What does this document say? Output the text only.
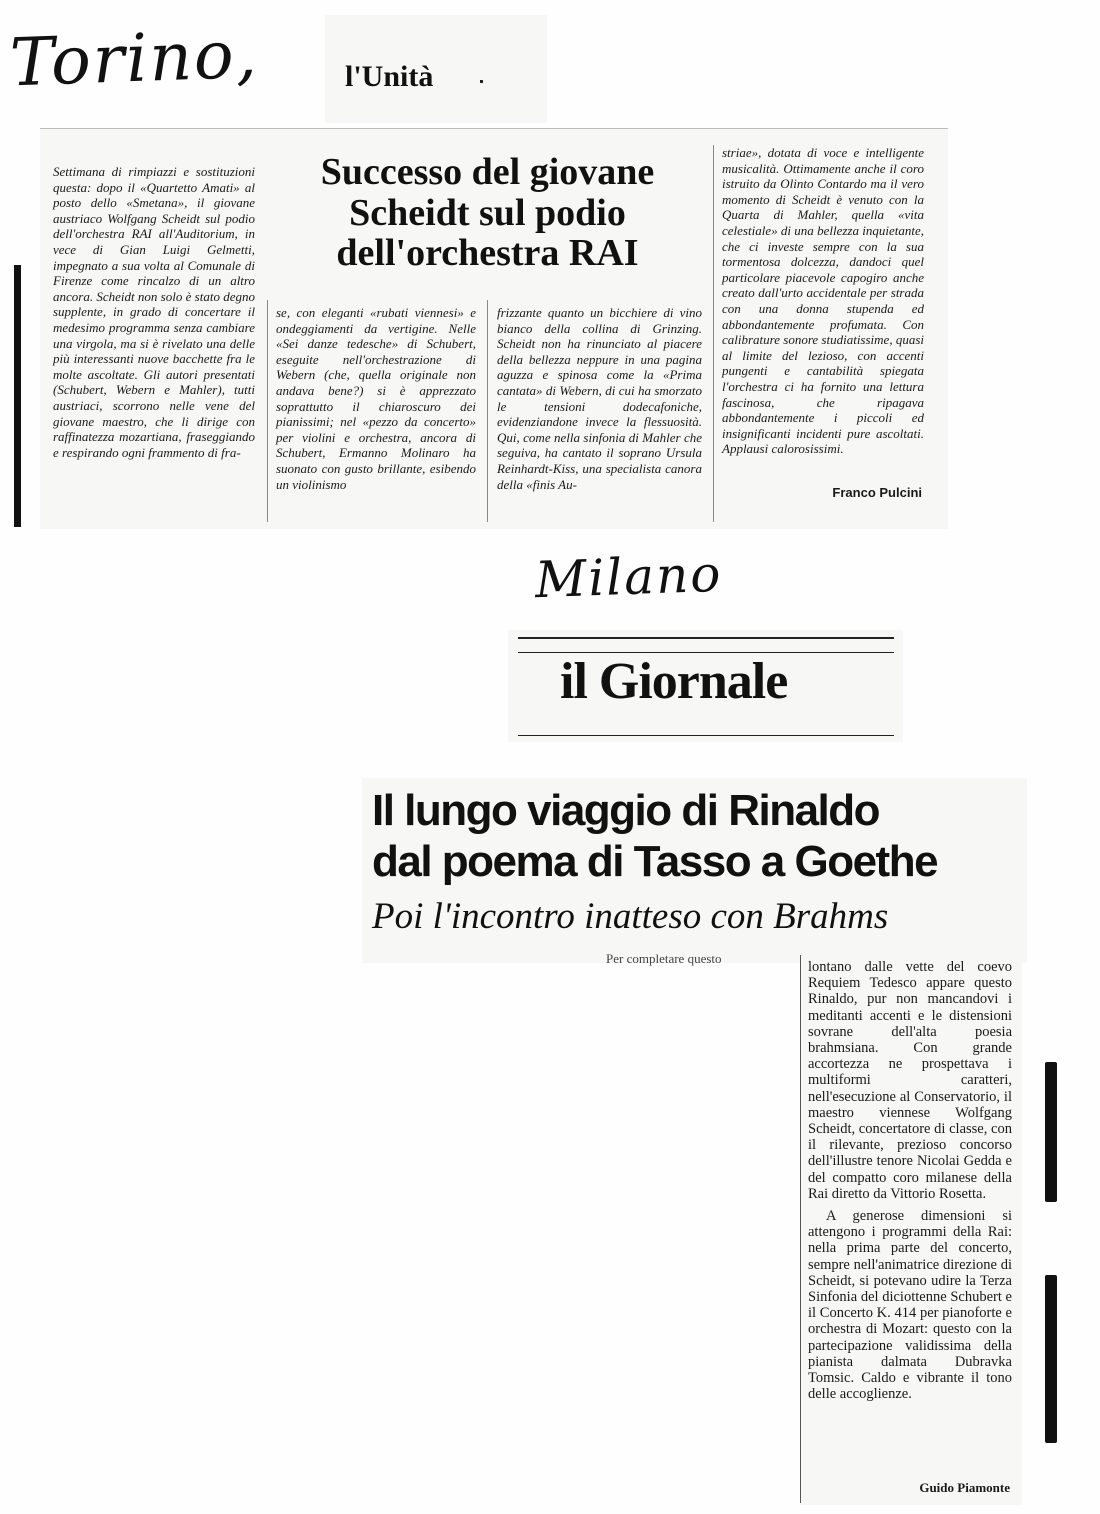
Torino,	l'Unità
Settimana di rimpiazzi e sostituzioni questa: dopo il «Quartetto Amati» al posto dello «Smetana», il giovane austriaco Wolfgang Scheidt sul podio dell'orchestra RAI all'Auditorium, in vece di Gian Luigi Gelmetti, impegnato a sua volta al Comunale di Firenze come rincalzo di un altro ancora. Scheidt non solo è stato degno supplente, in grado di concertare il medesimo programma senza cambiare una virgola, ma si è rivelato una delle più interessanti nuove bacchette fra le molte ascoltate. Gli autori presentati (Schubert, Webern e Mahler), tutti austriaci, scorrono nelle vene del giovane maestro, che li dirige con raffinatezza mozartiana, fraseggiando e respirando ogni frammento di fra-
Successo del giovane
Scheidt sul podio
dell'orchestra RAI
se, con eleganti «rubati viennesi» e ondeggiamenti da vertigine. Nelle «Sei danze tedesche» di Schubert, eseguite nell'orchestrazione di Webern (che, quella originale non andava bene?) si è apprezzato soprattutto il chiaroscuro dei pianissimi; nel «pezzo da concerto» per violini e orchestra, ancora di Schubert, Ermanno Molinaro ha suonato con gusto brillante, esibendo un violinismo
frizzante quanto un bicchiere di vino bianco della collina di Grinzing. Scheidt non ha rinunciato al piacere della bellezza neppure in una pagina aguzza e spinosa come la «Prima cantata» di Webern, di cui ha smorzato le tensioni dodecafoniche, evidenziandone invece la flessuosità. Qui, come nella sinfonia di Mahler che seguiva, ha cantato il soprano Ursula Reinhardt-Kiss, una specialista canora della «finis Au-
striae», dotata di voce e intelligente musicalità. Ottimamente anche il coro istruito da Olinto Contardo ma il vero momento di Scheidt è venuto con la Quarta di Mahler, quella «vita celestiale» di una bellezza inquietante, che ci investe sempre con la sua tormentosa dolcezza, dandoci quel particolare piacevole capogiro anche creato dall'urto accidentale per strada con una donna stupenda ed abbondantemente profumata. Con calibrature sonore studiatissime, quasi al limite del lezioso, con accenti pungenti e cantabilità spiegata l'orchestra ci ha fornito una lettura fascinosa, che ripagava abbondantemente i piccoli ed insignificanti incidenti pure ascoltati. Applausi calorosissimi.
Franco Pulcini
Milano
il Giornale
Il lungo viaggio di Rinaldo
dal poema di Tasso a Goethe
Poi l'incontro inatteso con Brahms

lontano dalle vette del coevo Requiem Tedesco appare questo Rinaldo, pur non mancandovi i meditanti accenti e le distensioni sovrane dell'alta poesia brahmsiana. Con grande accortezza ne prospettava i multiformi caratteri, nell'esecuzione al Conservatorio, il maestro viennese Wolfgang Scheidt, concertatore di classe, con il rilevante, prezioso concorso dell'illustre tenore Nicolai Gedda e del compatto coro milanese della Rai diretto da Vittorio Rosetta.

A generose dimensioni si attengono i programmi della Rai: nella prima parte del concerto, sempre nell'animatrice direzione di Scheidt, si potevano udire la Terza Sinfonia del diciottenne Schubert e il Concerto K. 414 per pianoforte e orchestra di Mozart: questo con la partecipazione validissima della pianista dalmata Dubravka Tomsic. Caldo e vibrante il tono delle accoglienze.

Guido Piamonte
